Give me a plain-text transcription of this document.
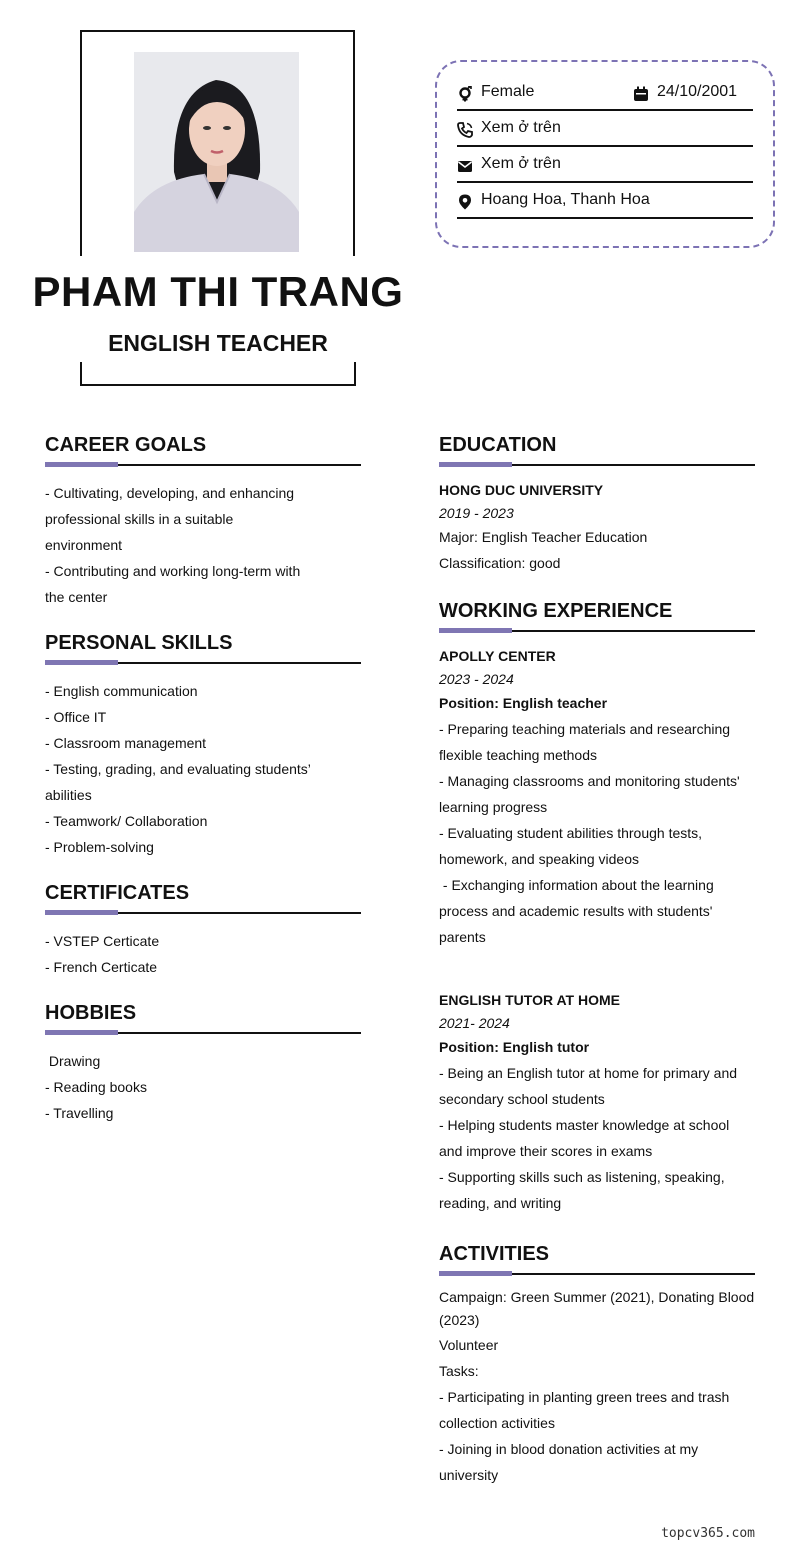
PHAM THI TRANG
ENGLISH TEACHER
Female	24/10/2001
Xem ở trên
Xem ở trên
Hoang Hoa, Thanh Hoa
CAREER GOALS
- Cultivating, developing, and enhancing
professional skills in a suitable
environment
- Contributing and working long-term with
the center
PERSONAL SKILLS
- English communication
- Office IT
- Classroom management
- Testing, grading, and evaluating students’
abilities
- Teamwork/ Collaboration
- Problem-solving
CERTIFICATES
- VSTEP Certicate
- French Certicate
HOBBIES
Drawing
- Reading books
- Travelling
EDUCATION
HONG DUC UNIVERSITY
2019 - 2023
Major: English Teacher Education
Classification: good
WORKING EXPERIENCE
APOLLY CENTER
2023 - 2024
Position: English teacher
- Preparing teaching materials and researching
flexible teaching methods
- Managing classrooms and monitoring students'
learning progress
- Evaluating student abilities through tests,
homework, and speaking videos
- Exchanging information about the learning
process and academic results with students'
parents
ENGLISH TUTOR AT HOME
2021- 2024
Position: English tutor
- Being an English tutor at home for primary and
secondary school students
- Helping students master knowledge at school
and improve their scores in exams
- Supporting skills such as listening, speaking,
reading, and writing
ACTIVITIES
Campaign: Green Summer (2021), Donating Blood (2023)
Volunteer
Tasks:
- Participating in planting green trees and trash
collection activities
- Joining in blood donation activities at my
university
topcv365.com
